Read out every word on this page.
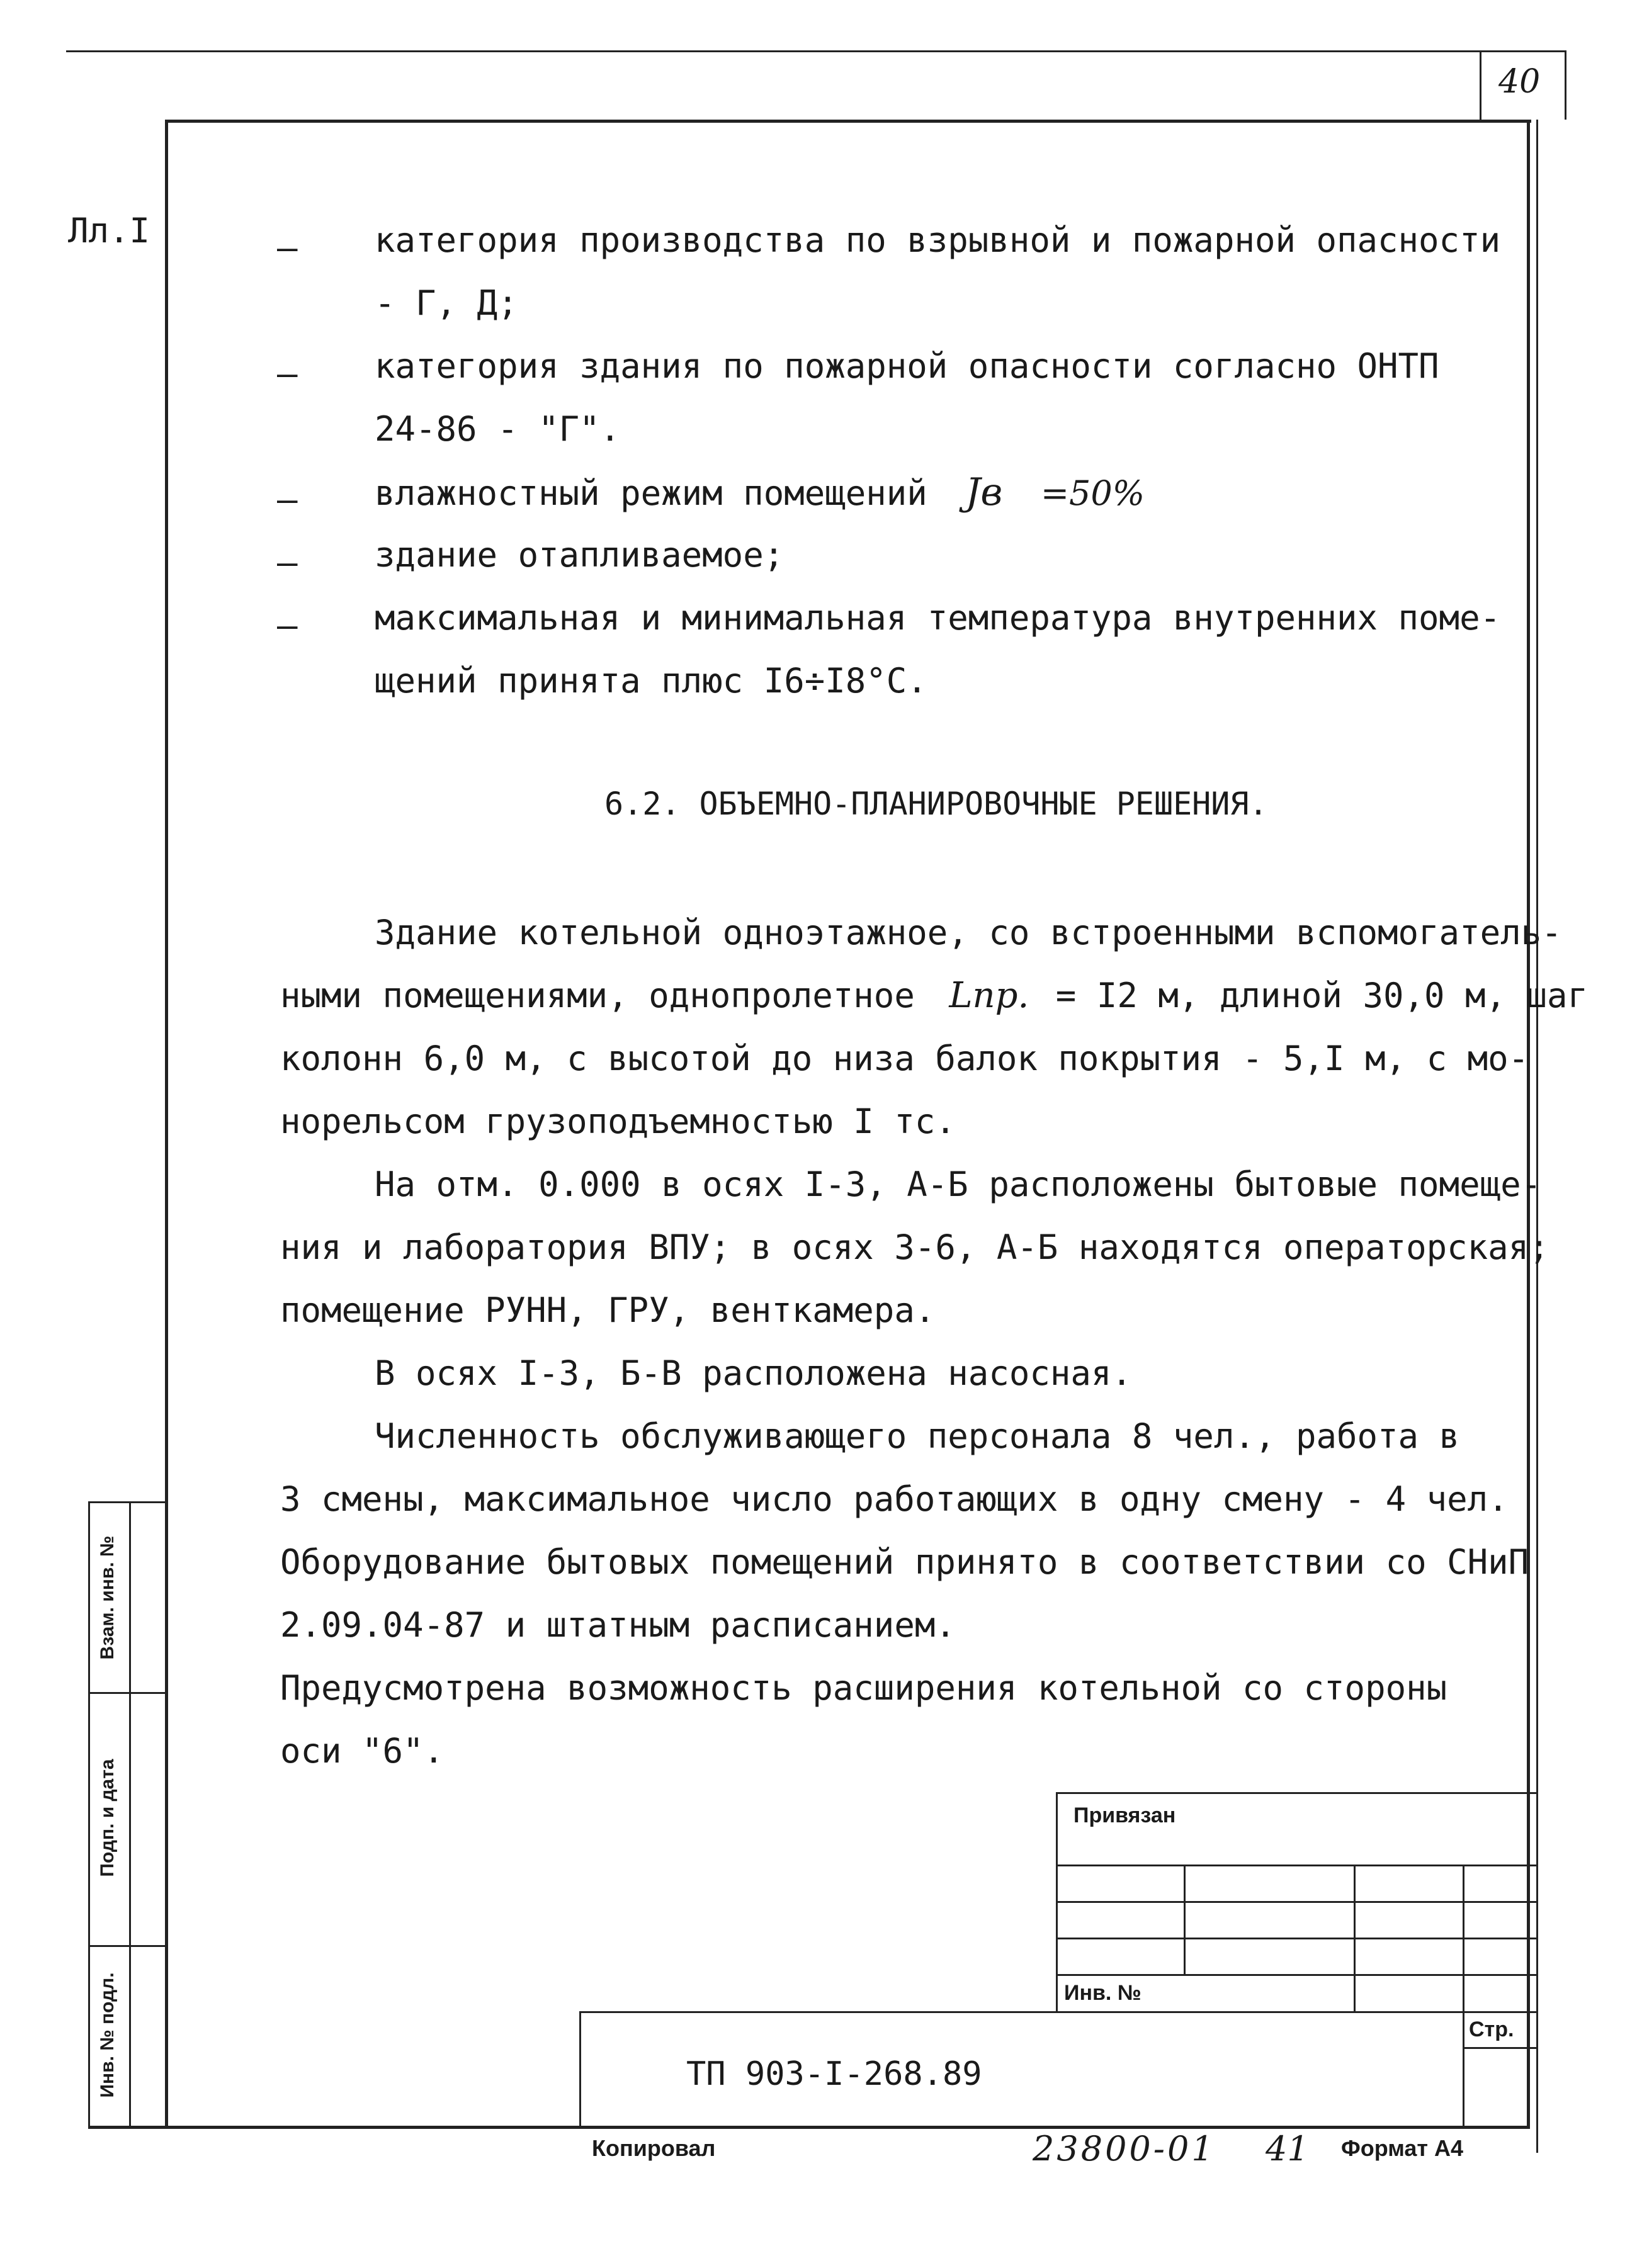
40
Лл.I	– категория производства по взрывной и пожарной опасности
- Г, Д;
– категория здания по пожарной опасности согласно ОНТП
24-86 - "Г".
– влажностный режим помещений Jв =50%
– здание отапливаемое;
– максимальная и минимальная температура внутренних поме-
щений принята плюс I6÷I8°C.
6.2. ОБЪЕМНО-ПЛАНИРОВОЧНЫЕ РЕШЕНИЯ.
Здание котельной одноэтажное, со встроенными вспомогатель-
ными помещениями, однопролетное Lпр. = I2 м, длиной 30,0 м, шаг
колонн 6,0 м, с высотой до низа балок покрытия - 5,I м, с мо-
норельсом грузоподъемностью I тс.
На отм. 0.000 в осях I-3, А-Б расположены бытовые помеще-
ния и лаборатория ВПУ; в осях 3-6, А-Б находятся операторская;
помещение РУНН, ГРУ, венткамера.
В осях I-3, Б-В расположена насосная.
Численность обслуживающего персонала 8 чел., работа в
3 смены, максимальное число работающих в одну смену - 4 чел.
Оборудование бытовых помещений принято в соответствии со СНиП
2.09.04-87 и штатным расписанием.
Предусмотрена возможность расширения котельной со стороны
оси "6".
Взам. инв. №
Подп. и дата
Инв. № подл.
Привязан
Инв. №
Стр.
ТП 903-I-268.89
Копировал	23800-01 41 Формат А4
